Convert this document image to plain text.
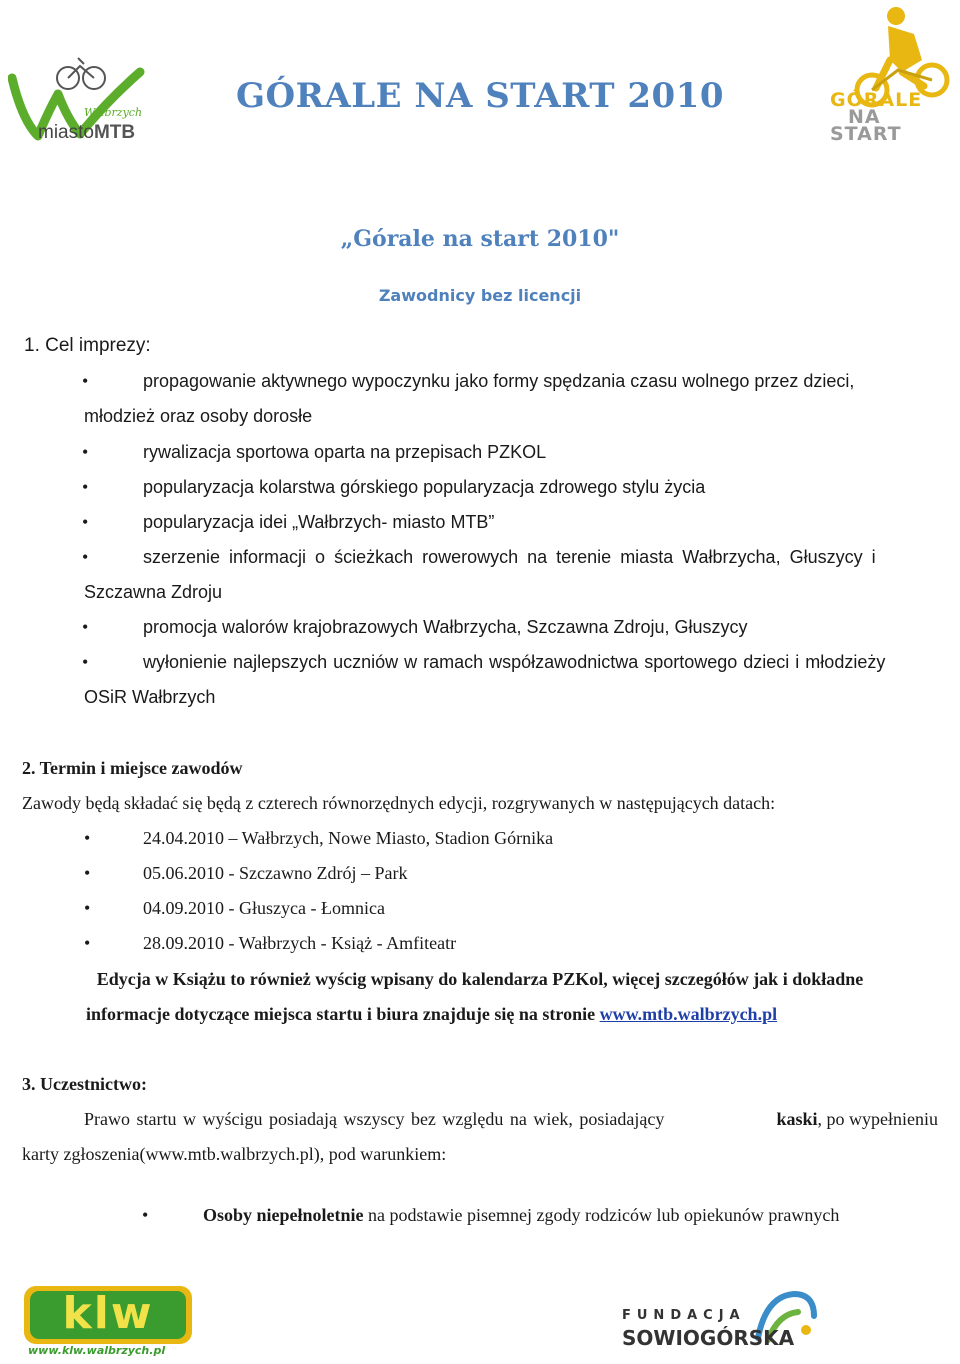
Wałbrzych
miastoMTB
GÓRALE NA START 2010	GÓRALE
NA
START
„Górale na start 2010"
Zawodnicy bez licencji
1. Cel imprezy:
•	propagowanie aktywnego wypoczynku jako formy spędzania czasu wolnego przez dzieci,
młodzież oraz osoby dorosłe
•	rywalizacja sportowa oparta na przepisach PZKOL
•	popularyzacja kolarstwa górskiego popularyzacja zdrowego stylu życia
•	popularyzacja idei „Wałbrzych- miasto MTB”
•	szerzenie informacji o ścieżkach rowerowych na terenie miasta Wałbrzycha, Głuszycy i
Szczawna Zdroju
•	promocja walorów krajobrazowych Wałbrzycha, Szczawna Zdroju, Głuszycy
•	wyłonienie najlepszych uczniów w ramach współzawodnictwa sportowego dzieci i młodzieży
OSiR Wałbrzych
2. Termin i miejsce zawodów
Zawody będą składać się będą z czterech równorzędnych edycji, rozgrywanych w następujących datach:
•	24.04.2010 – Wałbrzych, Nowe Miasto, Stadion Górnika
•	05.06.2010 - Szczawno Zdrój – Park
•	04.09.2010 - Głuszyca - Łomnica
•	28.09.2010 - Wałbrzych - Książ - Amfiteatr
Edycja w Książu to również wyścig wpisany do kalendarza PZKol, więcej szczegółów jak i dokładne
informacje dotyczące miejsca startu i biura znajduje się na stronie www.mtb.walbrzych.pl
3. Uczestnictwo:
Prawo startu w wyścigu posiadają wszyscy bez względu na wiek, posiadający	kaski, po wypełnieniu
karty zgłoszenia(www.mtb.walbrzych.pl), pod warunkiem:
•	Osoby niepełnoletnie na podstawie pisemnej zgody rodziców lub opiekunów prawnych
klw
www.klw.walbrzych.pl
FUNDACJA
SOWIOGÓRSKA
